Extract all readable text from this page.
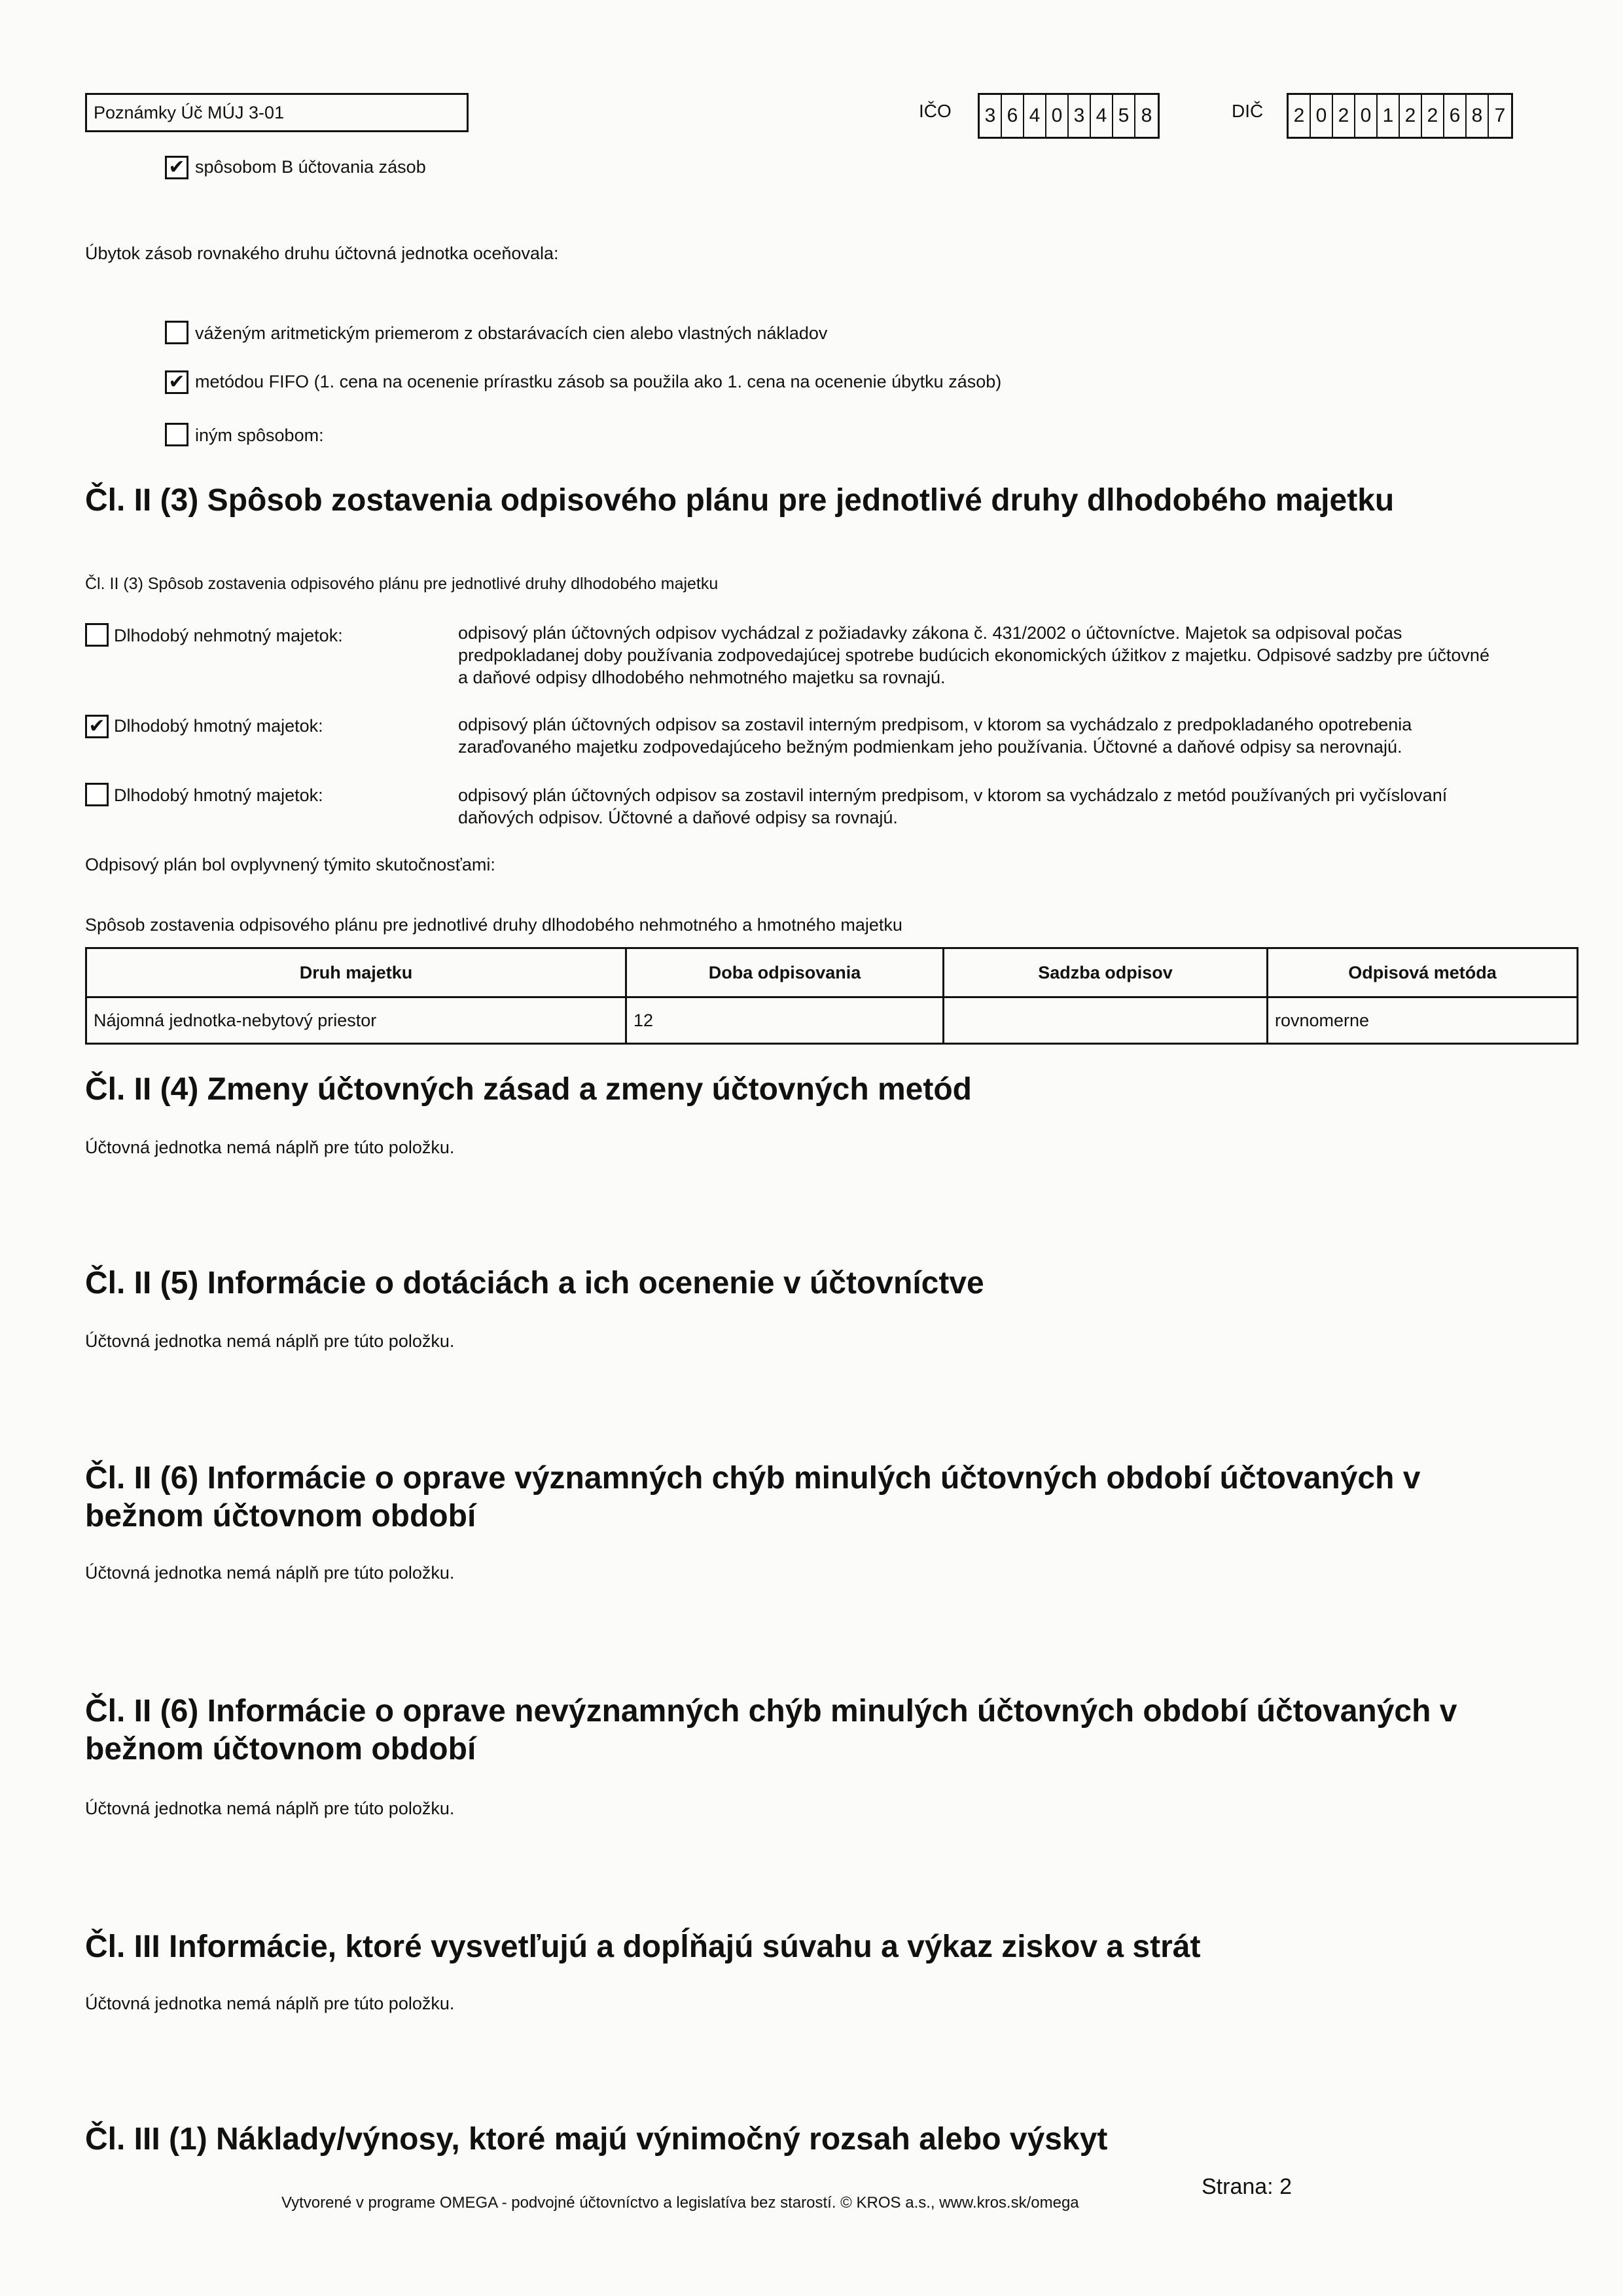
Poznámky Úč MÚJ 3-01	IČO 3 6 4 0 3 4 5 8	DIČ 2 0 2 0 1 2 2 6 8 7
✔ spôsobom B účtovania zásob
Úbytok zásob rovnakého druhu účtovná jednotka oceňovala:
váženým aritmetickým priemerom z obstarávacích cien alebo vlastných nákladov
✔ metódou FIFO (1. cena na ocenenie prírastku zásob sa použila ako 1. cena na ocenenie úbytku zásob)
iným spôsobom:
Čl. II (3) Spôsob zostavenia odpisového plánu pre jednotlivé druhy dlhodobého majetku
Čl. II (3) Spôsob zostavenia odpisového plánu pre jednotlivé druhy dlhodobého majetku
Dlhodobý nehmotný majetok:	odpisový plán účtovných odpisov vychádzal z požiadavky zákona č. 431/2002 o účtovníctve. Majetok sa odpisoval počas predpokladanej doby používania zodpovedajúcej spotrebe budúcich ekonomických úžitkov z majetku. Odpisové sadzby pre účtovné a daňové odpisy dlhodobého nehmotného majetku sa rovnajú.
✔ Dlhodobý hmotný majetok:	odpisový plán účtovných odpisov sa zostavil interným predpisom, v ktorom sa vychádzalo z predpokladaného opotrebenia zaraďovaného majetku zodpovedajúceho bežným podmienkam jeho používania. Účtovné a daňové odpisy sa nerovnajú.
Dlhodobý hmotný majetok:	odpisový plán účtovných odpisov sa zostavil interným predpisom, v ktorom sa vychádzalo z metód používaných pri vyčíslovaní daňových odpisov. Účtovné a daňové odpisy sa rovnajú.
Odpisový plán bol ovplyvnený týmito skutočnosťami:
Spôsob zostavenia odpisového plánu pre jednotlivé druhy dlhodobého nehmotného a hmotného majetku
Druh majetku	Doba odpisovania	Sadzba odpisov	Odpisová metóda
Nájomná jednotka-nebytový priestor	12		rovnomerne
Čl. II (4) Zmeny účtovných zásad a zmeny účtovných metód
Účtovná jednotka nemá náplň pre túto položku.
Čl. II (5) Informácie o dotáciách a ich ocenenie v účtovníctve
Účtovná jednotka nemá náplň pre túto položku.
Čl. II (6) Informácie o oprave významných chýb minulých účtovných období účtovaných v bežnom účtovnom období
Účtovná jednotka nemá náplň pre túto položku.
Čl. II (6) Informácie o oprave nevýznamných chýb minulých účtovných období účtovaných v bežnom účtovnom období
Účtovná jednotka nemá náplň pre túto položku.
Čl. III Informácie, ktoré vysvetľujú a dopĺňajú súvahu a výkaz ziskov a strát
Účtovná jednotka nemá náplň pre túto položku.
Čl. III (1) Náklady/výnosy, ktoré majú výnimočný rozsah alebo výskyt
Vytvorené v programe OMEGA - podvojné účtovníctvo a legislatíva bez starostí. © KROS a.s., www.kros.sk/omega
Strana: 2
